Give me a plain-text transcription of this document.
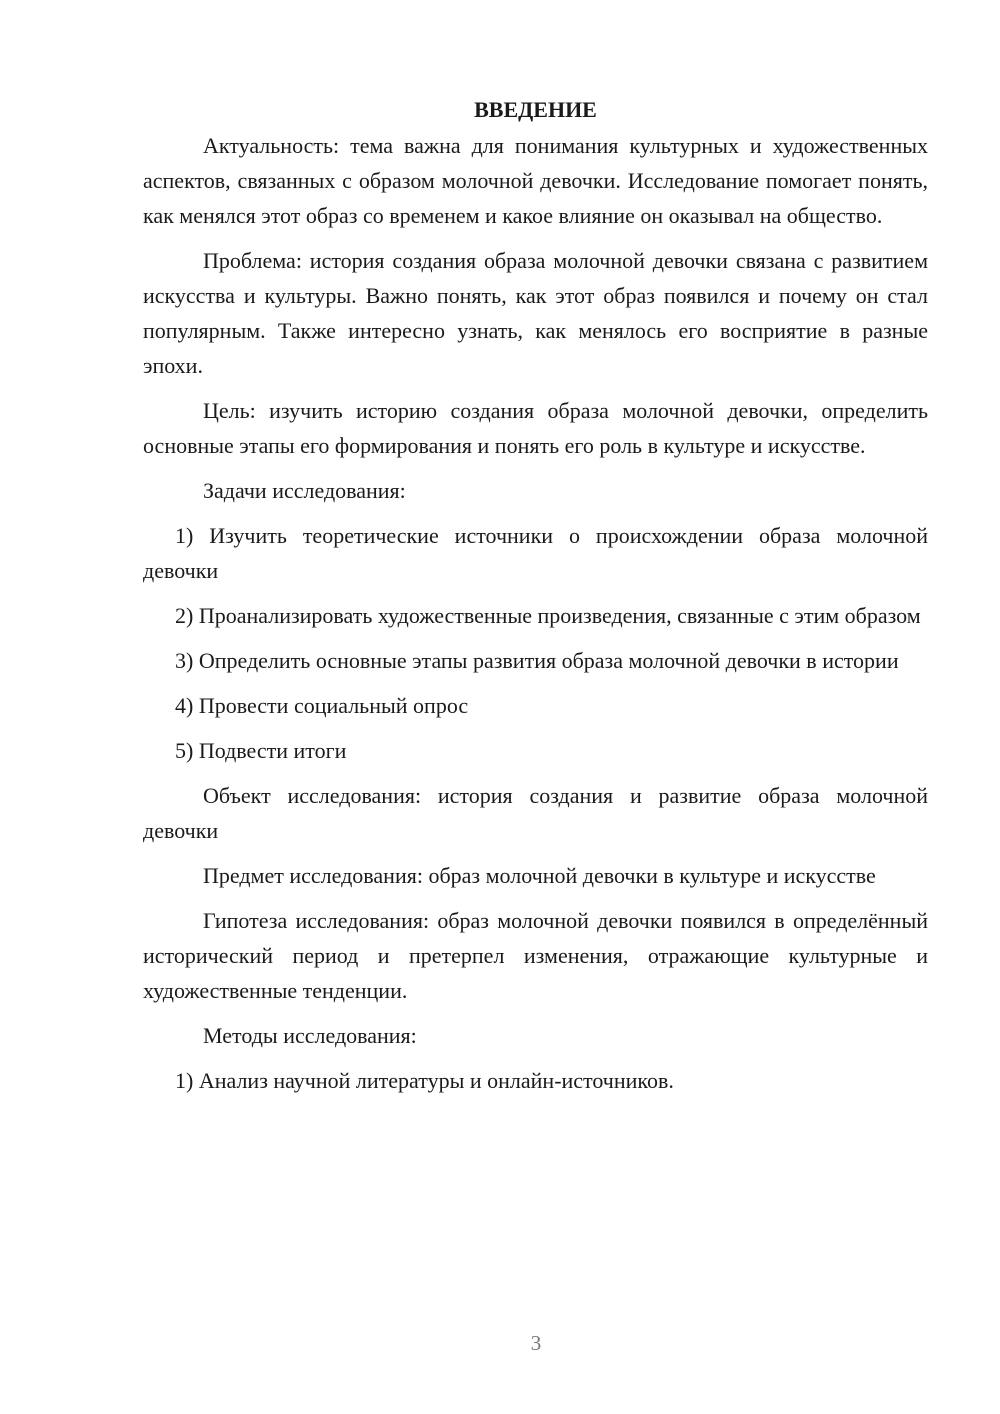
ВВЕДЕНИЕ

Актуальность: тема важна для понимания культурных и художественных аспектов, связанных с образом молочной девочки. Исследование помогает понять, как менялся этот образ со временем и какое влияние он оказывал на общество.

Проблема: история создания образа молочной девочки связана с развитием искусства и культуры. Важно понять, как этот образ появился и почему он стал популярным. Также интересно узнать, как менялось его восприятие в разные эпохи.

Цель: изучить историю создания образа молочной девочки, определить основные этапы его формирования и понять его роль в культуре и искусстве.

Задачи исследования:

1) Изучить теоретические источники о происхождении образа молочной девочки

2) Проанализировать художественные произведения, связанные с этим образом

3) Определить основные этапы развития образа молочной девочки в истории

4) Провести социальный опрос

5) Подвести итоги

Объект исследования: история создания и развитие образа молочной девочки

Предмет исследования: образ молочной девочки в культуре и искусстве

Гипотеза исследования: образ молочной девочки появился в определённый исторический период и претерпел изменения, отражающие культурные и художественные тенденции.

Методы исследования:

1) Анализ научной литературы и онлайн-источников.

3
